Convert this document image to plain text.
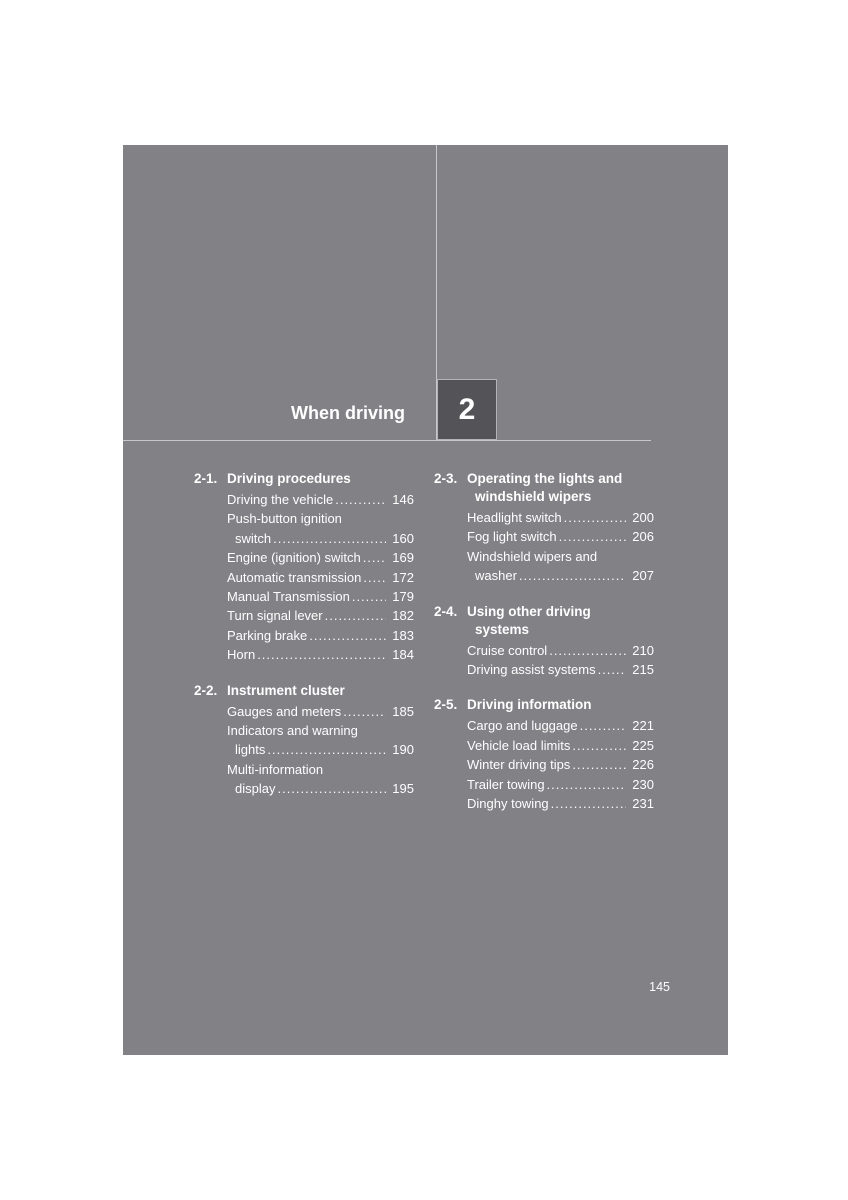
When driving 2
2-1. Driving procedures
Driving the vehicle .....	146
Push-button ignition
switch .....	160
Engine (ignition) switch .....	169
Automatic transmission .....	172
Manual Transmission .....	179
Turn signal lever .....	182
Parking brake .....	183
Horn .....	184
2-2. Instrument cluster
Gauges and meters .....	185
Indicators and warning
lights .....	190
Multi-information
display .....	195
2-3. Operating the lights and
windshield wipers
Headlight switch .....	200
Fog light switch .....	206
Windshield wipers and
washer .....	207
2-4. Using other driving
systems
Cruise control .....	210
Driving assist systems .....	215
2-5. Driving information
Cargo and luggage .....	221
Vehicle load limits .....	225
Winter driving tips .....	226
Trailer towing .....	230
Dinghy towing .....	231
145
